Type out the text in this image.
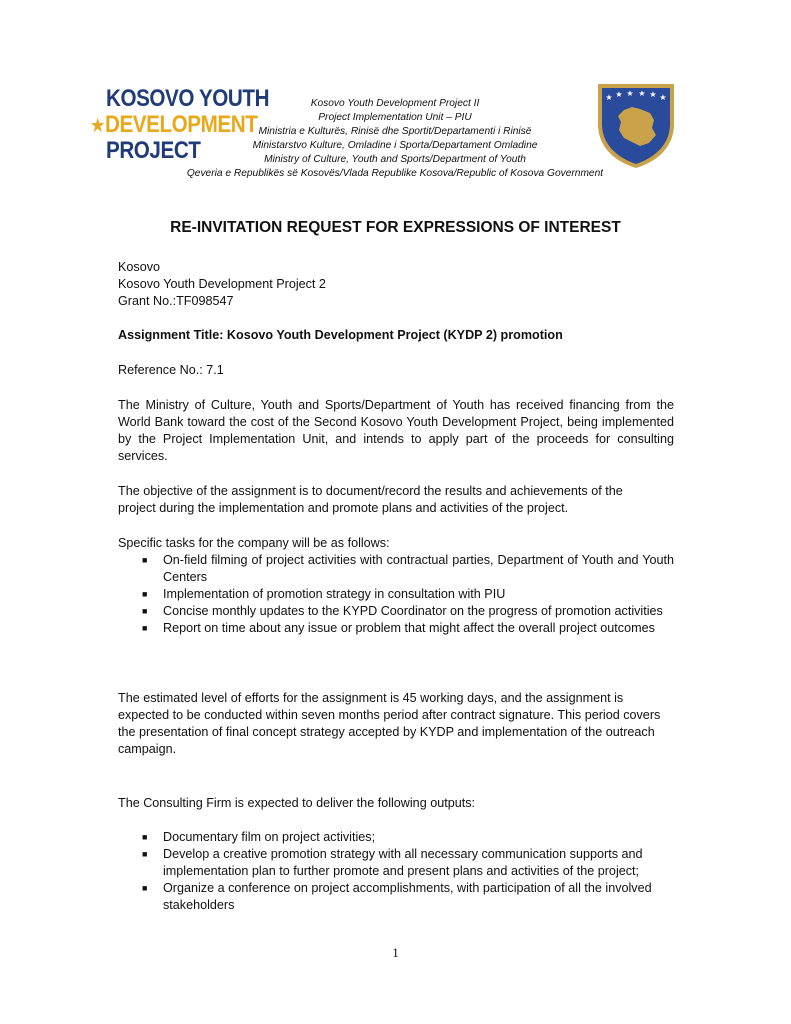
KOSOVO YOUTH
★DEVELOPMENT
PROJECT
Kosovo Youth Development Project II
Project Implementation Unit – PIU
Ministria e Kulturës, Rinisë dhe Sportit/Departamenti i Rinisë
Ministarstvo Kulture, Omladine i Sporta/Departament Omladine
Ministry of Culture, Youth and Sports/Department of Youth
Qeveria e Republikës së Kosovës/Vlada Republike Kosova/Republic of Kosova Government
★ ★ ★ ★ ★ ★
RE-INVITATION REQUEST FOR EXPRESSIONS OF INTEREST
Kosovo
Kosovo Youth Development Project 2
Grant No.:TF098547
Assignment Title: Kosovo Youth Development Project (KYDP 2) promotion
Reference No.: 7.1
The Ministry of Culture, Youth and Sports/Department of Youth has received financing from the World Bank toward the cost of the Second Kosovo Youth Development Project, being implemented by the Project Implementation Unit, and intends to apply part of the proceeds for consulting services.
The objective of the assignment is to document/record the results and achievements of the project during the implementation and promote plans and activities of the project.
Specific tasks for the company will be as follows:
■ On-field filming of project activities with contractual parties, Department of Youth and Youth Centers
■ Implementation of promotion strategy in consultation with PIU
■ Concise monthly updates to the KYPD Coordinator on the progress of promotion activities
■ Report on time about any issue or problem that might affect the overall project outcomes
The estimated level of efforts for the assignment is 45 working days, and the assignment is expected to be conducted within seven months period after contract signature. This period covers the presentation of final concept strategy accepted by KYDP and implementation of the outreach campaign.
The Consulting Firm is expected to deliver the following outputs:
■ Documentary film on project activities;
■ Develop a creative promotion strategy with all necessary communication supports and implementation plan to further promote and present plans and activities of the project;
■ Organize a conference on project accomplishments, with participation of all the involved stakeholders
1
